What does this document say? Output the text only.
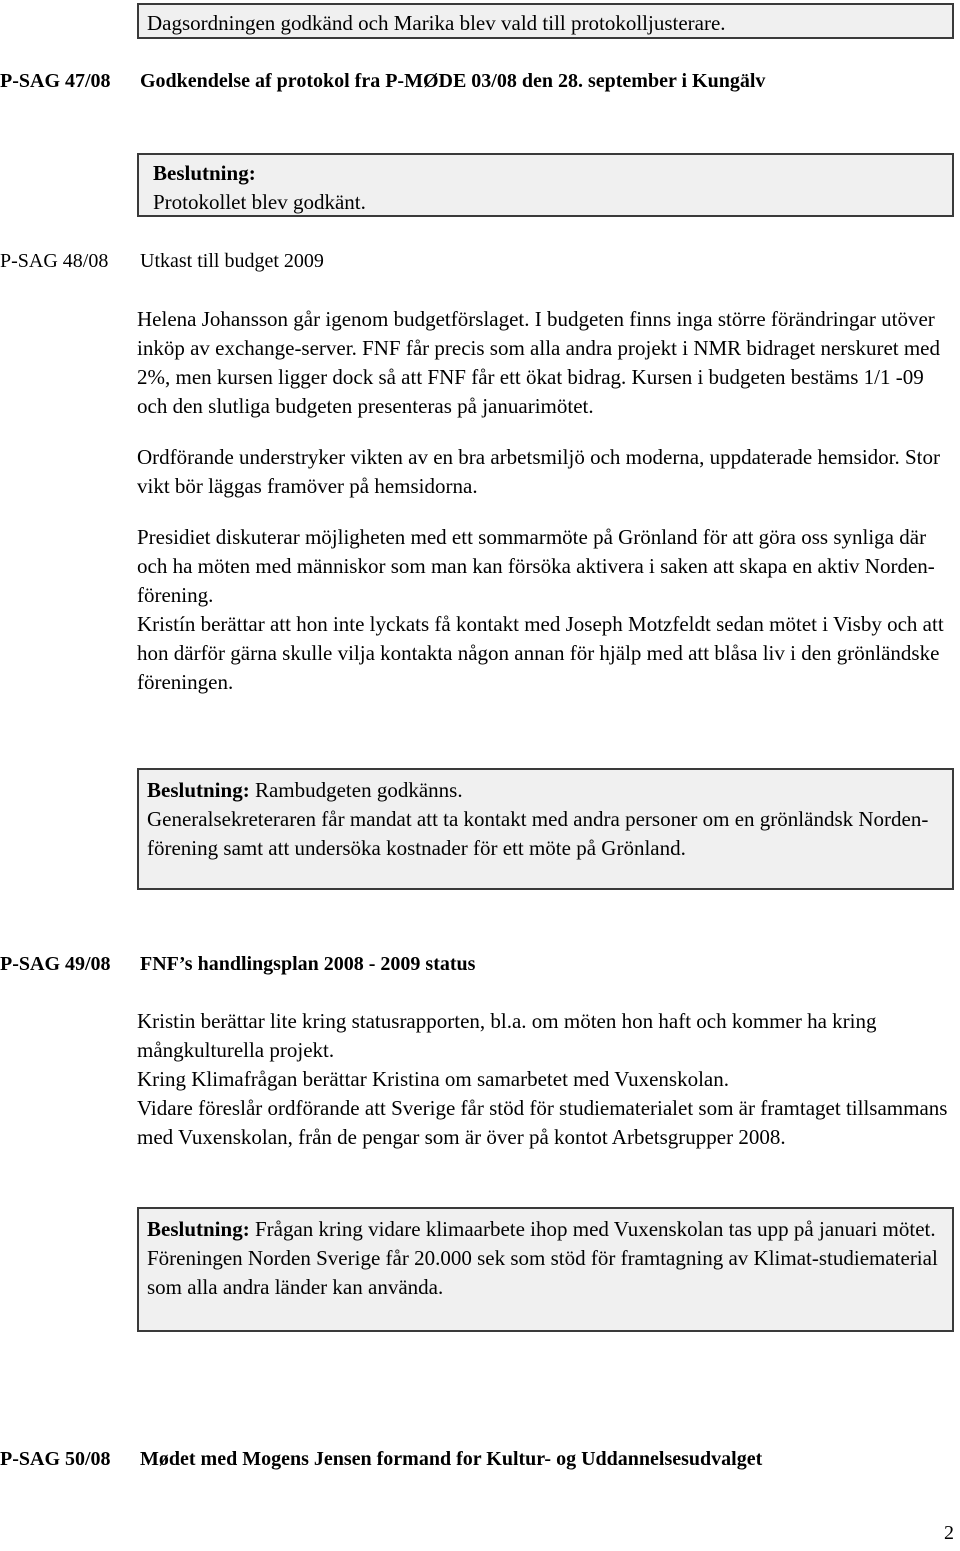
Dagsordningen godkänd och Marika blev vald till protokolljusterare.

P-SAG 47/08 Godkendelse af protokol fra P-MØDE 03/08 den 28. september i Kungälv

Beslutning:

Protokollet blev godkänt.

P-SAG 48/08 Utkast till budget 2009

Helena Johansson går igenom budgetförslaget. I budgeten finns inga större förändringar utöver inköp av exchange-server. FNF får precis som alla andra projekt i NMR bidraget nerskuret med 2%, men kursen ligger dock så att FNF får ett ökat bidrag. Kursen i budgeten bestäms 1/1 -09 och den slutliga budgeten presenteras på januarimötet.

Ordförande understryker vikten av en bra arbetsmiljö och moderna, uppdaterade hemsidor. Stor vikt bör läggas framöver på hemsidorna.

Presidiet diskuterar möjligheten med ett sommarmöte på Grönland för att göra oss synliga där och ha möten med människor som man kan försöka aktivera i saken att skapa en aktiv Norden-förening.

Kristín berättar att hon inte lyckats få kontakt med Joseph Motzfeldt sedan mötet i Visby och att hon därför gärna skulle vilja kontakta någon annan för hjälp med att blåsa liv i den grönländske föreningen.

Beslutning: Rambudgeten godkänns.

Generalsekreteraren får mandat att ta kontakt med andra personer om en grönländsk Norden-förening samt att undersöka kostnader för ett möte på Grönland.

P-SAG 49/08 FNF’s handlingsplan 2008 - 2009 status

Kristin berättar lite kring statusrapporten, bl.a. om möten hon haft och kommer ha kring mångkulturella projekt.

Kring Klimafrågan berättar Kristina om samarbetet med Vuxenskolan.

Vidare föreslår ordförande att Sverige får stöd för studiematerialet som är framtaget tillsammans med Vuxenskolan, från de pengar som är över på kontot Arbetsgrupper 2008.

Beslutning: Frågan kring vidare klimaarbete ihop med Vuxenskolan tas upp på januari mötet.

Föreningen Norden Sverige får 20.000 sek som stöd för framtagning av Klimat-studiematerial som alla andra länder kan använda.

P-SAG 50/08 Mødet med Mogens Jensen formand for Kultur- og Uddannelsesudvalget
2
